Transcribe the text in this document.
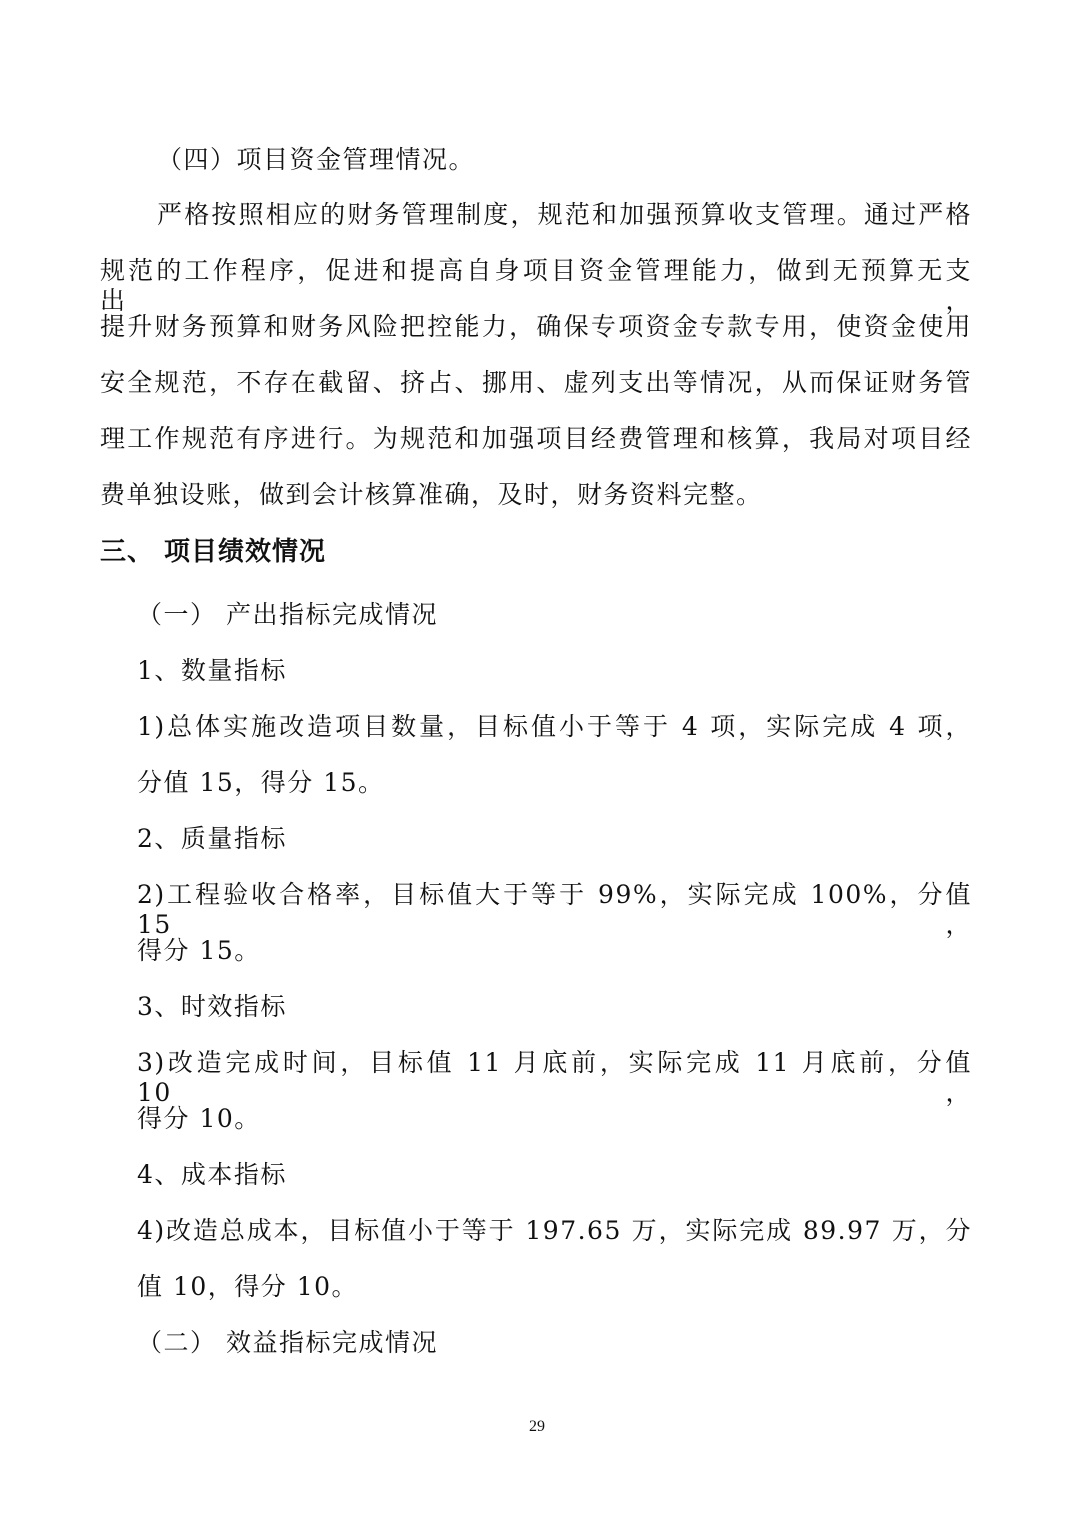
（四）项目资金管理情况。
严格按照相应的财务管理制度，规范和加强预算收支管理。通过严格
规范的工作程序，促进和提高自身项目资金管理能力，做到无预算无支出，
提升财务预算和财务风险把控能力，确保专项资金专款专用，使资金使用
安全规范，不存在截留、挤占、挪用、虚列支出等情况，从而保证财务管
理工作规范有序进行。为规范和加强项目经费管理和核算，我局对项目经
费单独设账，做到会计核算准确，及时，财务资料完整。
三、 项目绩效情况
（一） 产出指标完成情况
1、数量指标
1)总体实施改造项目数量，目标值小于等于 4 项，实际完成 4 项，
分值 15，得分 15。
2、质量指标
2)工程验收合格率，目标值大于等于 99%，实际完成 100%，分值 15，
得分 15。
3、时效指标
3)改造完成时间，目标值 11 月底前，实际完成 11 月底前，分值 10，
得分 10。
4、成本指标
4)改造总成本，目标值小于等于 197.65 万，实际完成 89.97 万，分
值 10，得分 10。
（二） 效益指标完成情况
29
